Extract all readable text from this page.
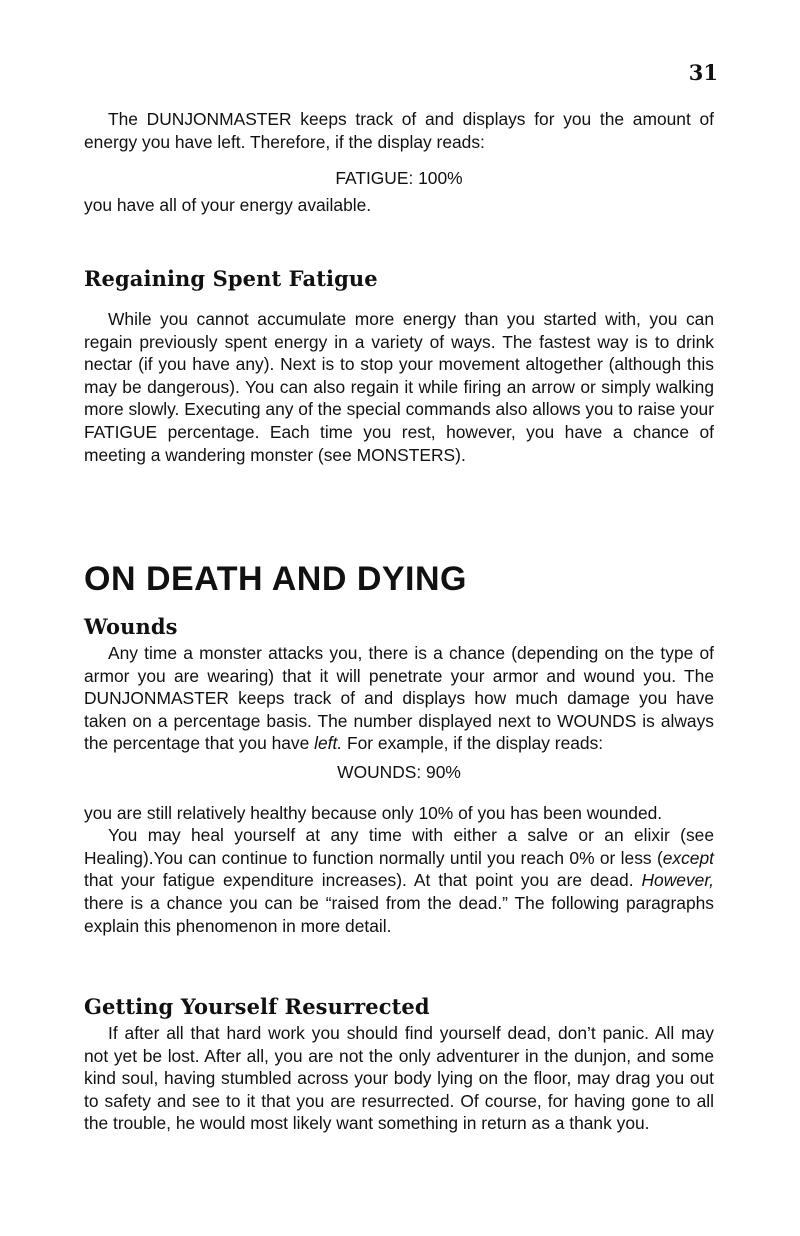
31

The DUNJONMASTER keeps track of and displays for you the amount of energy you have left. Therefore, if the display reads:

FATIGUE: 100%

you have all of your energy available.

Regaining Spent Fatigue

While you cannot accumulate more energy than you started with, you can regain previously spent energy in a variety of ways. The fastest way is to drink nectar (if you have any). Next is to stop your movement altogether (although this may be dangerous). You can also regain it while firing an arrow or simply walking more slowly. Executing any of the special commands also allows you to raise your FATIGUE percentage. Each time you rest, however, you have a chance of meeting a wandering monster (see MONSTERS).

ON DEATH AND DYING
Wounds

Any time a monster attacks you, there is a chance (depending on the type of armor you are wearing) that it will penetrate your armor and wound you. The DUNJONMASTER keeps track of and displays how much damage you have taken on a percentage basis. The number displayed next to WOUNDS is always the percentage that you have left. For example, if the display reads:

WOUNDS: 90%

you are still relatively healthy because only 10% of you has been wounded.

You may heal yourself at any time with either a salve or an elixir (see Healing).You can continue to function normally until you reach 0% or less (except that your fatigue expenditure increases). At that point you are dead. However, there is a chance you can be “raised from the dead.” The following paragraphs explain this phenomenon in more detail.

Getting Yourself Resurrected

If after all that hard work you should find yourself dead, don’t panic. All may not yet be lost. After all, you are not the only adventurer in the dunjon, and some kind soul, having stumbled across your body lying on the floor, may drag you out to safety and see to it that you are resurrected. Of course, for having gone to all the trouble, he would most likely want something in return as a thank you.
